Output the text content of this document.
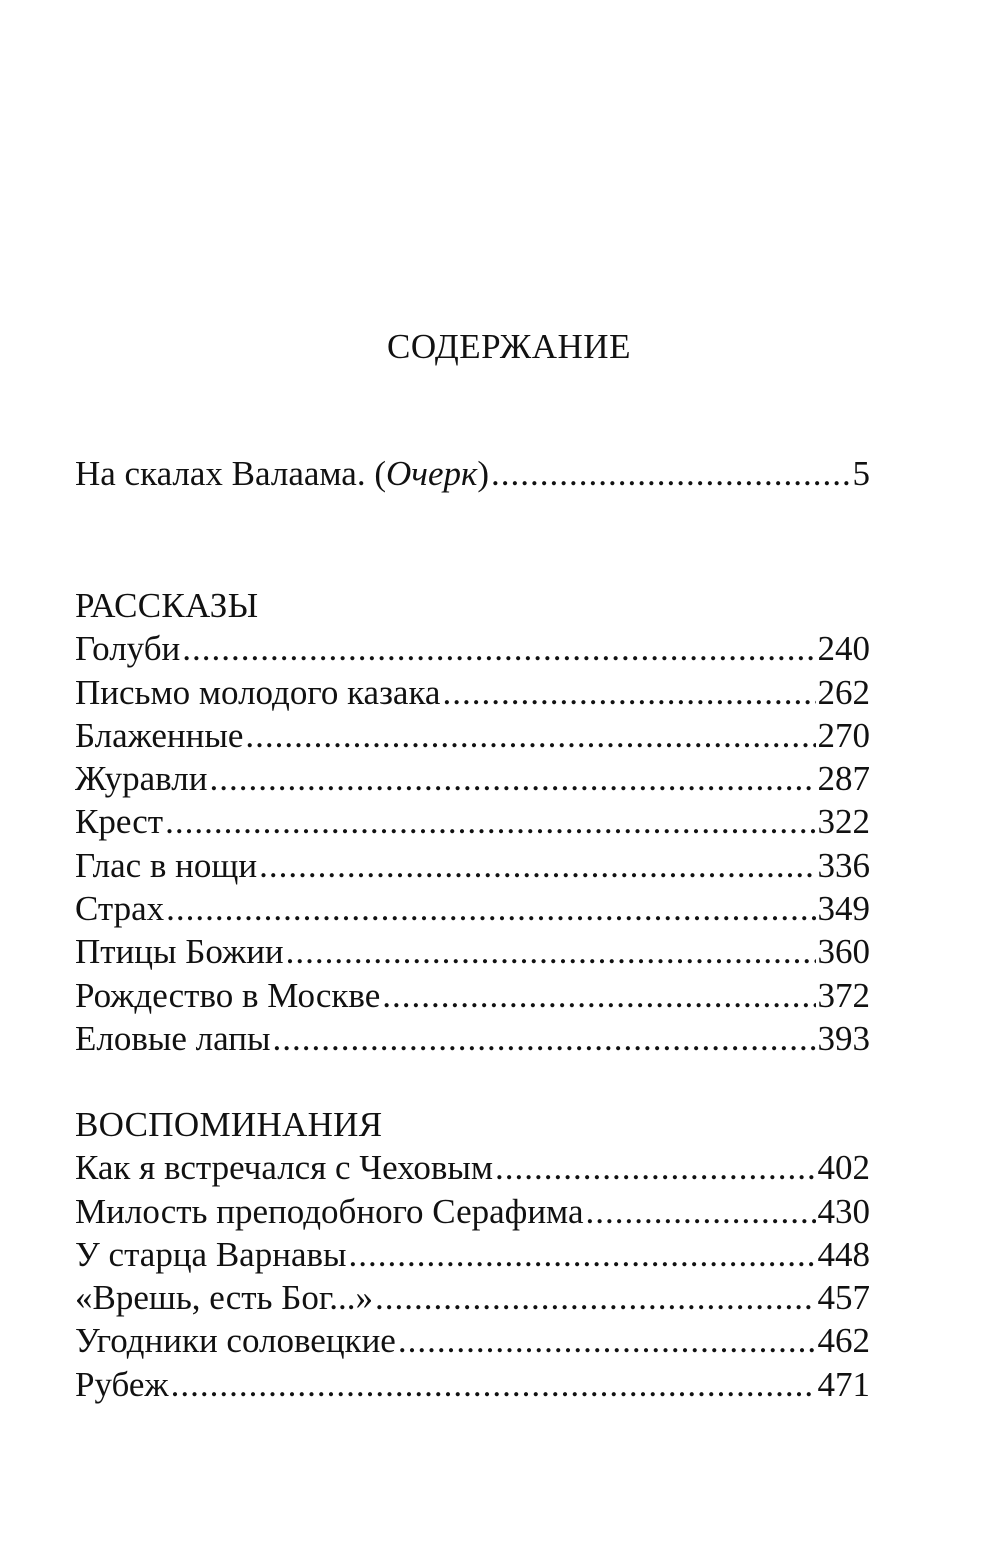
СОДЕРЖАНИЕ
На скалах Валаама. (Очерк) .....	5
РАССКАЗЫ
Голуби .....	240
Письмо молодого казака .....	262
Блаженные .....	270
Журавли .....	287
Крест .....	322
Глас в нощи .....	336
Страх .....	349
Птицы Божии .....	360
Рождество в Москве .....	372
Еловые лапы .....	393
ВОСПОМИНАНИЯ
Как я встречался с Чеховым .....	402
Милость преподобного Серафима .....	430
У старца Варнавы .....	448
«Врешь, есть Бог...» .....	457
Угодники соловецкие .....	462
Рубеж .....	471
